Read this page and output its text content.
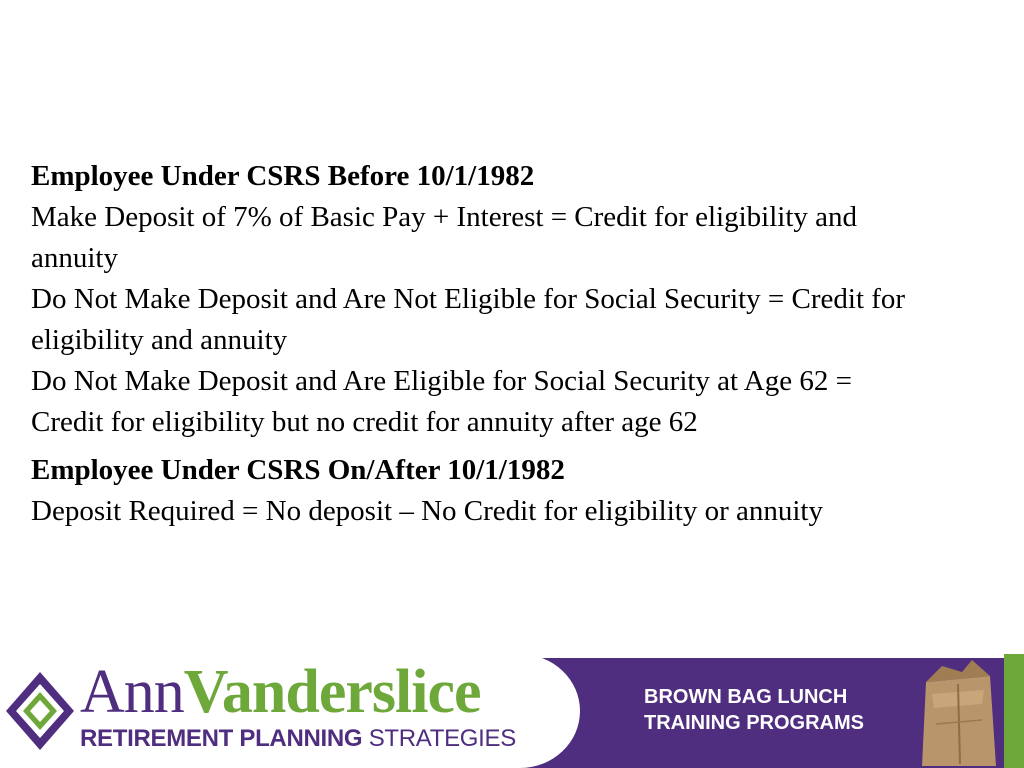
Employee Under CSRS Before 10/1/1982
Make Deposit of 7% of Basic Pay + Interest = Credit for eligibility and annuity
Do Not Make Deposit and Are Not Eligible for Social Security = Credit for eligibility and annuity
Do Not Make Deposit and Are Eligible for Social Security at Age 62 = Credit for eligibility but no credit for annuity after age 62
Employee Under CSRS On/After 10/1/1982
Deposit Required = No deposit – No Credit for eligibility or annuity
AnnVanderslice
RETIREMENT PLANNING STRATEGIES
BROWN BAG LUNCH
TRAINING PROGRAMS
